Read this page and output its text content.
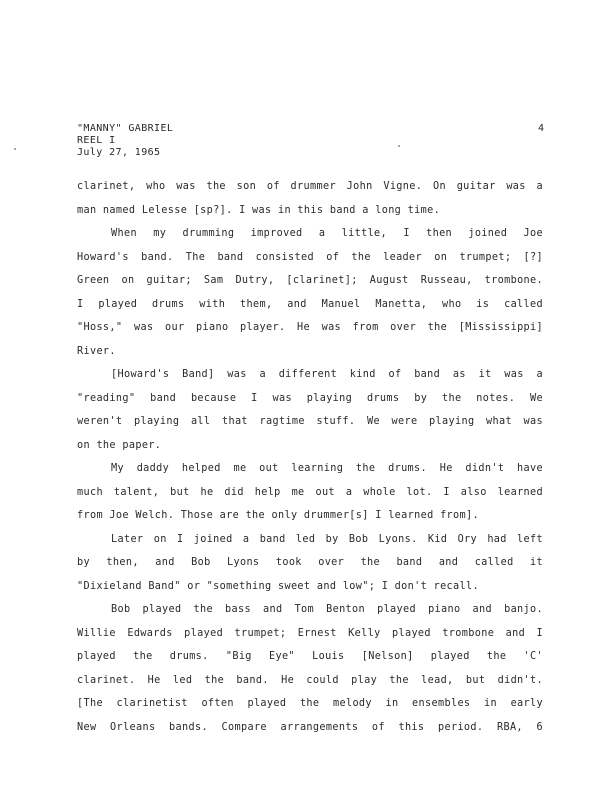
"MANNY" GABRIEL
REEL I
July 27, 1965
4
clarinet, who was the son of drummer John Vigne. On guitar was a
man named Lelesse [sp?]. I was in this band a long time.
When my drumming improved a little, I then joined Joe
Howard's band. The band consisted of the leader on trumpet; [?]
Green on guitar; Sam Dutry, [clarinet]; August Russeau, trombone.
I played drums with them, and Manuel Manetta, who is called
"Hoss," was our piano player. He was from over the [Mississippi]
River.
[Howard's Band] was a different kind of band as it was a
"reading" band because I was playing drums by the notes. We
weren't playing all that ragtime stuff. We were playing what was
on the paper.
My daddy helped me out learning the drums. He didn't have
much talent, but he did help me out a whole lot. I also learned
from Joe Welch. Those are the only drummer[s] I learned from].
Later on I joined a band led by Bob Lyons. Kid Ory had left
by then, and Bob Lyons took over the band and called it
"Dixieland Band" or "something sweet and low"; I don't recall.
Bob played the bass and Tom Benton played piano and banjo.
Willie Edwards played trumpet; Ernest Kelly played trombone and I
played the drums. "Big Eye" Louis [Nelson] played the 'C'
clarinet. He led the band. He could play the lead, but didn't.
[The clarinetist often played the melody in ensembles in early
New Orleans bands. Compare arrangements of this period. RBA, 6
